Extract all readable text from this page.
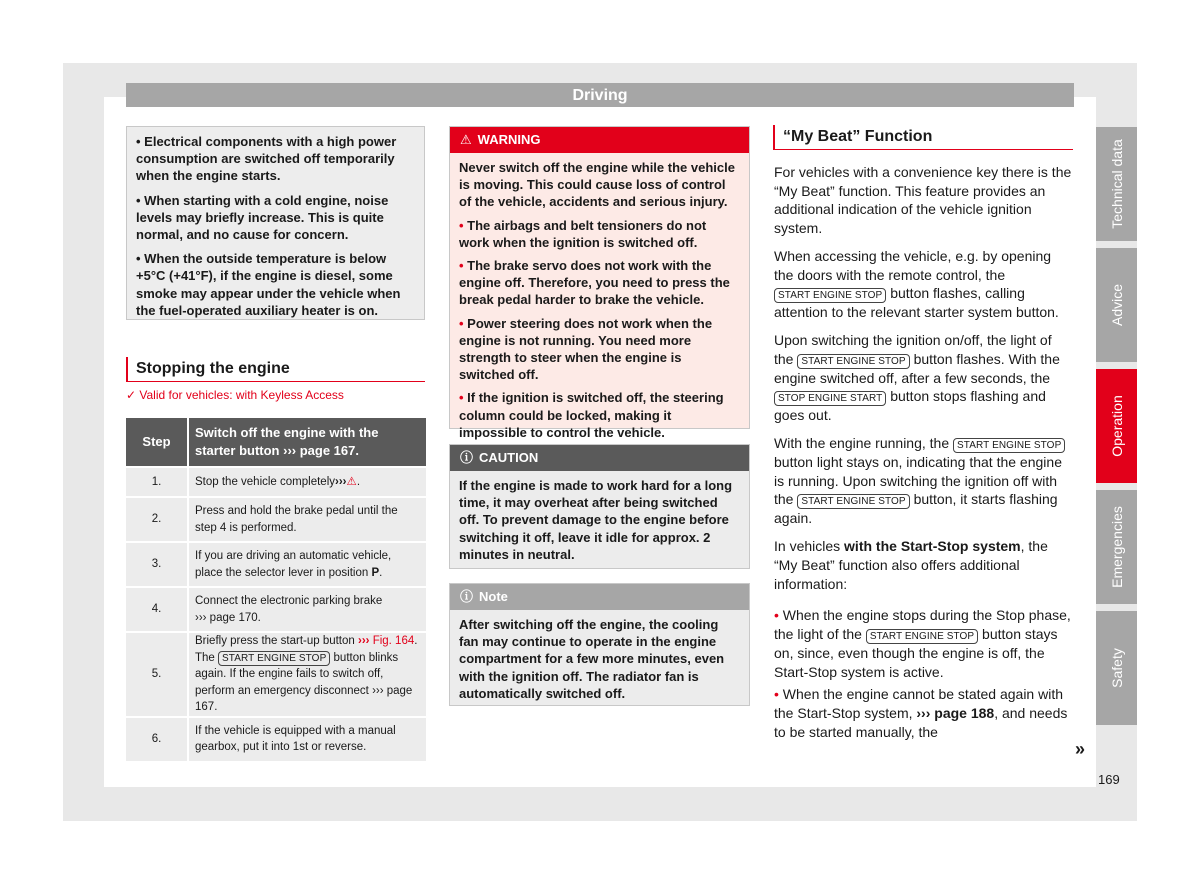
Driving

• Electrical components with a high power consumption are switched off temporarily when the engine starts.

• When starting with a cold engine, noise levels may briefly increase. This is quite normal, and no cause for concern.

• When the outside temperature is below +5°C (+41°F), if the engine is diesel, some smoke may appear under the vehicle when the fuel-operated auxiliary heater is on.

Stopping the engine
✓ Valid for vehicles: with Keyless Access
Step	Switch off the engine with the starter button ››› page 167.
1.	Stop the vehicle completely›››⚠.
2.	Press and hold the brake pedal until the step 4 is performed.
3.	If you are driving an automatic vehicle, place the selector lever in position P.
4.	Connect the electronic parking brake
››› page 170.
5.	Briefly press the start-up button ››› Fig. 164. The START ENGINE STOP button blinks again. If the engine fails to switch off, perform an emergency disconnect ››› page 167.
6.	If the vehicle is equipped with a manual gearbox, put it into 1st or reverse.
⚠ WARNING

Never switch off the engine while the vehicle is moving. This could cause loss of control of the vehicle, accidents and serious injury.

• The airbags and belt tensioners do not work when the ignition is switched off.

• The brake servo does not work with the engine off. Therefore, you need to press the break pedal harder to brake the vehicle.

• Power steering does not work when the engine is not running. You need more strength to steer when the engine is switched off.

• If the ignition is switched off, the steering column could be locked, making it impossible to control the vehicle.

ⓘ CAUTION

If the engine is made to work hard for a long time, it may overheat after being switched off. To prevent damage to the engine before switching it off, leave it idle for approx. 2 minutes in neutral.

ⓘ Note

After switching off the engine, the cooling fan may continue to operate in the engine compartment for a few more minutes, even with the ignition off. The radiator fan is automatically switched off.

“My Beat” Function

For vehicles with a convenience key there is the “My Beat” function. This feature provides an additional indication of the vehicle ignition system.

When accessing the vehicle, e.g. by opening the doors with the remote control, the START ENGINE STOP button flashes, calling attention to the relevant starter system button.

Upon switching the ignition on/off, the light of the START ENGINE STOP button flashes. With the engine switched off, after a few seconds, the STOP ENGINE START button stops flashing and goes out.

With the engine running, the START ENGINE STOP button light stays on, indicating that the engine is running. Upon switching the ignition off with the START ENGINE STOP button, it starts flashing again.

In vehicles with the Start-Stop system, the “My Beat” function also offers additional information:

• When the engine stops during the Stop phase, the light of the START ENGINE STOP button stays on, since, even though the engine is off, the Start-Stop system is active.

• When the engine cannot be stated again with the Start-Stop system, ››› page 188, and needs to be started manually, the

»
Technical data
Advice
Operation
Emergencies
Safety
169
